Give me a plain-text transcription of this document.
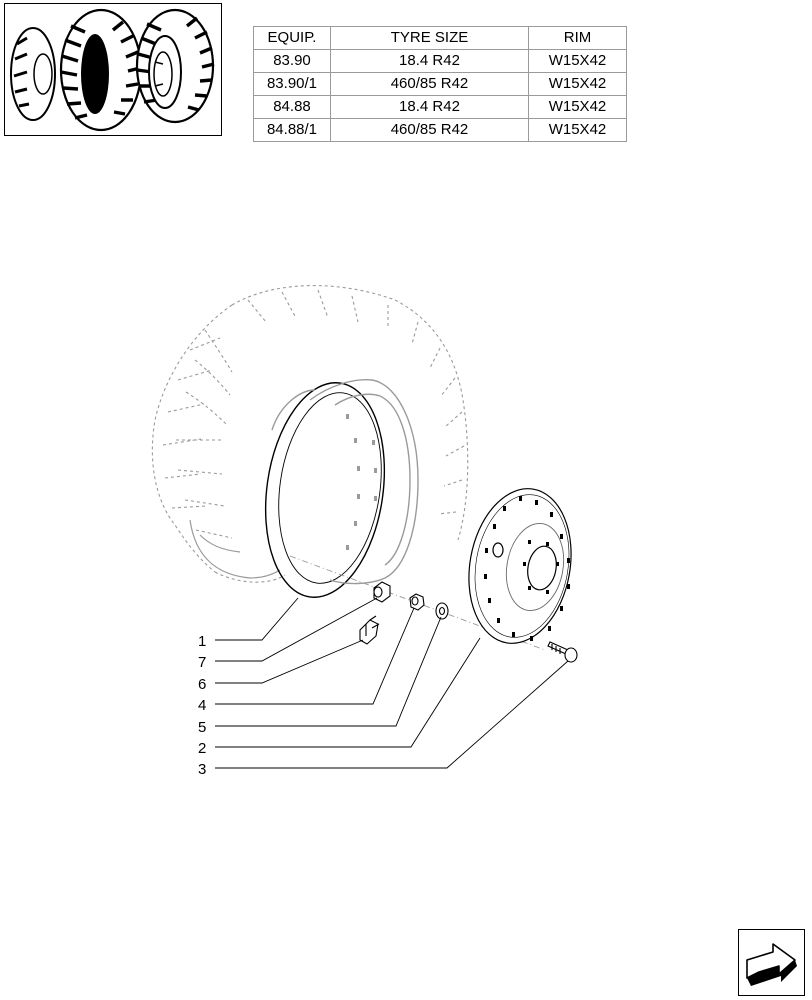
EQUIP.	TYRE SIZE	RIM
83.90	18.4 R42	W15X42
83.90/1	460/85 R42	W15X42
84.88	18.4 R42	W15X42
84.88/1	460/85 R42	W15X42
1
7
6
4
5
2
3
